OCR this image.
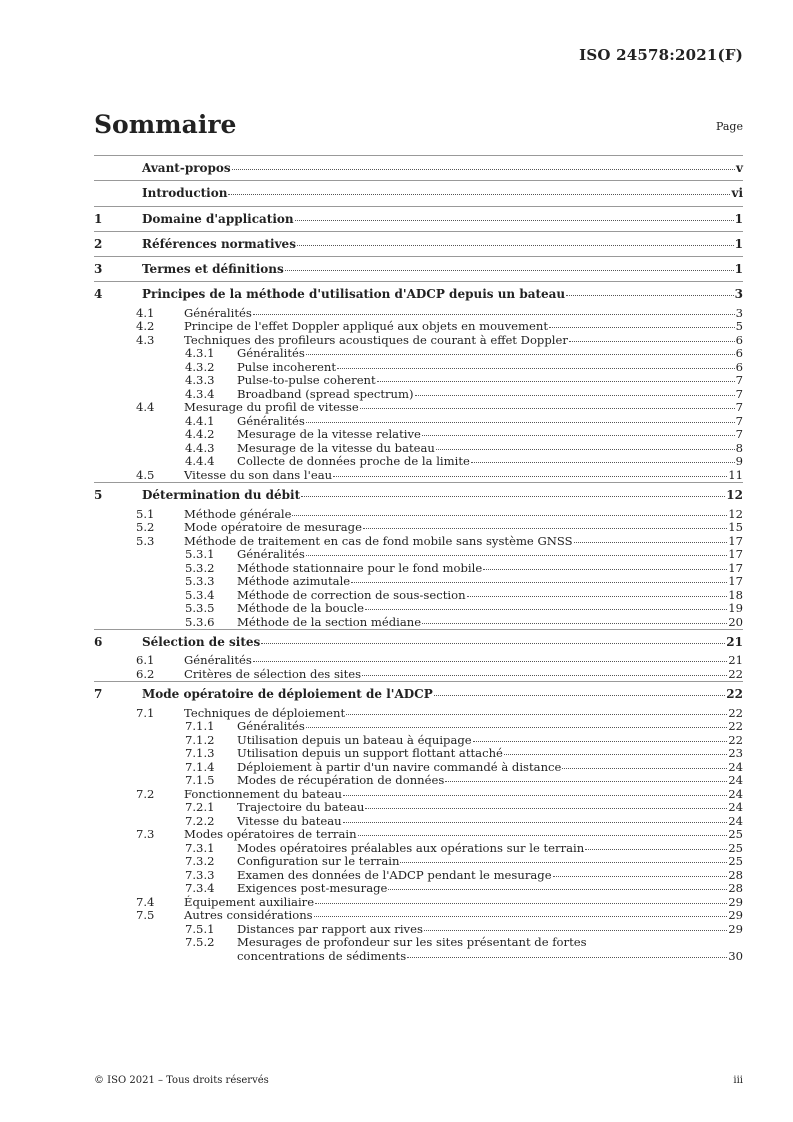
ISO 24578:2021(F)
Sommaire	Page
Avant-propos	v
Introduction	vi
1	Domaine d'application	1
2	Références normatives	1
3	Termes et définitions	1
4	Principes de la méthode d'utilisation d'ADCP depuis un bateau	3
4.1	Généralités	3
4.2	Principe de l'effet Doppler appliqué aux objets en mouvement	5
4.3	Techniques des profileurs acoustiques de courant à effet Doppler	6
4.3.1	Généralités	6
4.3.2	Pulse incoherent	6
4.3.3	Pulse-to-pulse coherent	7
4.3.4	Broadband (spread spectrum)	7
4.4	Mesurage du profil de vitesse	7
4.4.1	Généralités	7
4.4.2	Mesurage de la vitesse relative	7
4.4.3	Mesurage de la vitesse du bateau	8
4.4.4	Collecte de données proche de la limite	9
4.5	Vitesse du son dans l'eau	11
5	Détermination du débit	12
5.1	Méthode générale	12
5.2	Mode opératoire de mesurage	15
5.3	Méthode de traitement en cas de fond mobile sans système GNSS	17
5.3.1	Généralités	17
5.3.2	Méthode stationnaire pour le fond mobile	17
5.3.3	Méthode azimutale	17
5.3.4	Méthode de correction de sous-section	18
5.3.5	Méthode de la boucle	19
5.3.6	Méthode de la section médiane	20
6	Sélection de sites	21
6.1	Généralités	21
6.2	Critères de sélection des sites	22
7	Mode opératoire de déploiement de l'ADCP	22
7.1	Techniques de déploiement	22
7.1.1	Généralités	22
7.1.2	Utilisation depuis un bateau à équipage	22
7.1.3	Utilisation depuis un support flottant attaché	23
7.1.4	Déploiement à partir d'un navire commandé à distance	24
7.1.5	Modes de récupération de données	24
7.2	Fonctionnement du bateau	24
7.2.1	Trajectoire du bateau	24
7.2.2	Vitesse du bateau	24
7.3	Modes opératoires de terrain	25
7.3.1	Modes opératoires préalables aux opérations sur le terrain	25
7.3.2	Configuration sur le terrain	25
7.3.3	Examen des données de l'ADCP pendant le mesurage	28
7.3.4	Exigences post-mesurage	28
7.4	Équipement auxiliaire	29
7.5	Autres considérations	29
7.5.1	Distances par rapport aux rives	29
7.5.2	Mesurages de profondeur sur les sites présentant de fortes
concentrations de sédiments	30
© ISO 2021 – Tous droits réservés	iii
